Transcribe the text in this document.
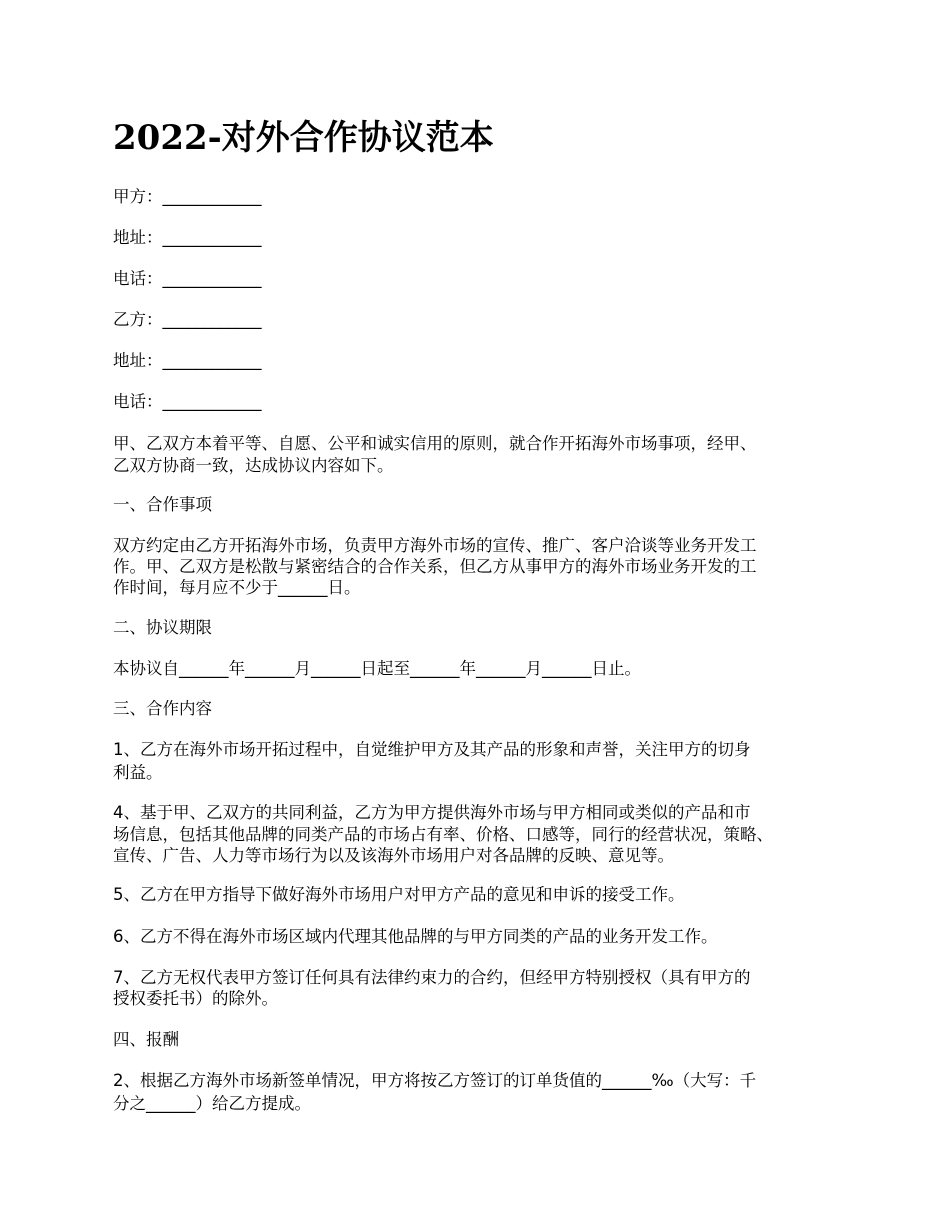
2022-对外合作协议范本
甲方：____________
地址：____________
电话：____________
乙方：____________
地址：____________
电话：____________
甲、乙双方本着平等、自愿、公平和诚实信用的原则，就合作开拓海外市场事项，经甲、
乙双方协商一致，达成协议内容如下。
一、合作事项
双方约定由乙方开拓海外市场，负责甲方海外市场的宣传、推广、客户洽谈等业务开发工
作。甲、乙双方是松散与紧密结合的合作关系，但乙方从事甲方的海外市场业务开发的工
作时间，每月应不少于______日。
二、协议期限
本协议自______年______月______日起至______年______月______日止。
三、合作内容
1、乙方在海外市场开拓过程中，自觉维护甲方及其产品的形象和声誉，关注甲方的切身
利益。
4、基于甲、乙双方的共同利益，乙方为甲方提供海外市场与甲方相同或类似的产品和市
场信息，包括其他品牌的同类产品的市场占有率、价格、口感等，同行的经营状况，策略、
宣传、广告、人力等市场行为以及该海外市场用户对各品牌的反映、意见等。
5、乙方在甲方指导下做好海外市场用户对甲方产品的意见和申诉的接受工作。
6、乙方不得在海外市场区域内代理其他品牌的与甲方同类的产品的业务开发工作。
7、乙方无权代表甲方签订任何具有法律约束力的合约，但经甲方特别授权（具有甲方的
授权委托书）的除外。
四、报酬
2、根据乙方海外市场新签单情况，甲方将按乙方签订的订单货值的______‰（大写：千
分之______）给乙方提成。
